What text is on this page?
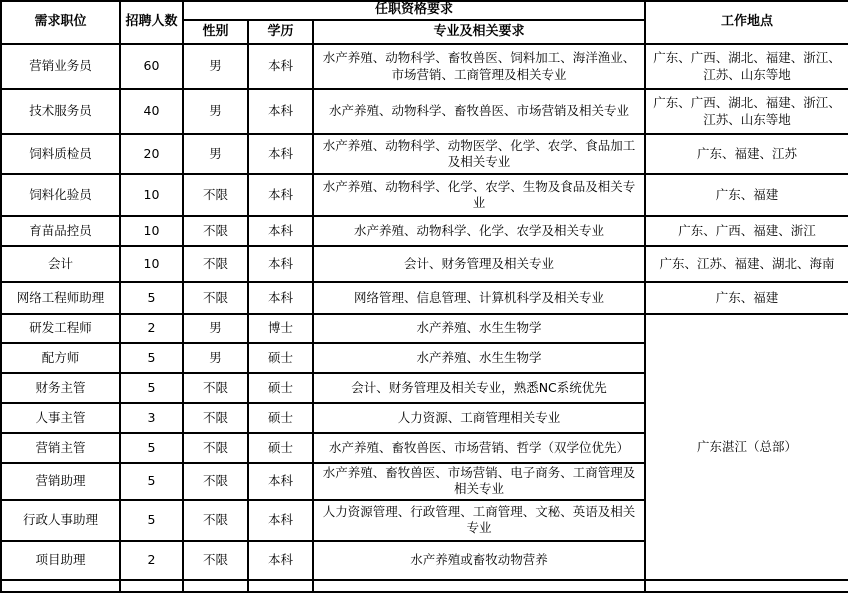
需求职位	招聘人数	任职资格要求			工作地点
		性别	学历	专业及相关要求	
营销业务员	60	男	本科	水产养殖、动物科学、畜牧兽医、饲料加工、海洋渔业、市场营销、工商管理及相关专业	广东、广西、湖北、福建、浙江、江苏、山东等地
技术服务员	40	男	本科	水产养殖、动物科学、畜牧兽医、市场营销及相关专业	广东、广西、湖北、福建、浙江、江苏、山东等地
饲料质检员	20	男	本科	水产养殖、动物科学、动物医学、化学、农学、食品加工及相关专业	广东、福建、江苏
饲料化验员	10	不限	本科	水产养殖、动物科学、化学、农学、生物及食品及相关专业	广东、福建
育苗品控员	10	不限	本科	水产养殖、动物科学、化学、农学及相关专业	广东、广西、福建、浙江
会计	10	不限	本科	会计、财务管理及相关专业	广东、江苏、福建、湖北、海南
网络工程师助理	5	不限	本科	网络管理、信息管理、计算机科学及相关专业	广东、福建
研发工程师	2	男	博士	水产养殖、水生生物学	广东湛江（总部）
配方师	5	男	硕士	水产养殖、水生生物学	
财务主管	5	不限	硕士	会计、财务管理及相关专业，熟悉NC系统优先	
人事主管	3	不限	硕士	人力资源、工商管理相关专业	
营销主管	5	不限	硕士	水产养殖、畜牧兽医、市场营销、哲学（双学位优先）	
营销助理	5	不限	本科	水产养殖、畜牧兽医、市场营销、电子商务、工商管理及相关专业	
行政人事助理	5	不限	本科	人力资源管理、行政管理、工商管理、文秘、英语及相关专业	
项目助理	2	不限	本科	水产养殖或畜牧动物营养	
